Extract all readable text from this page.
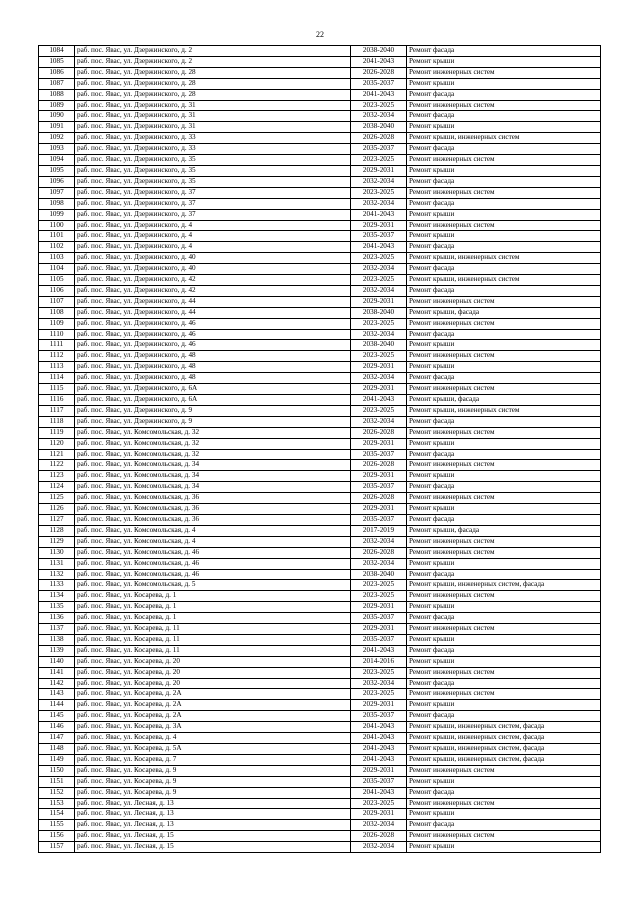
22
1084	раб. пос. Явас, ул. Дзержинского, д. 2	2038-2040	Ремонт фасада
1085	раб. пос. Явас, ул. Дзержинского, д. 2	2041-2043	Ремонт крыши
1086	раб. пос. Явас, ул. Дзержинского, д. 28	2026-2028	Ремонт инженерных систем
1087	раб. пос. Явас, ул. Дзержинского, д. 28	2035-2037	Ремонт крыши
1088	раб. пос. Явас, ул. Дзержинского, д. 28	2041-2043	Ремонт фасада
1089	раб. пос. Явас, ул. Дзержинского, д. 31	2023-2025	Ремонт инженерных систем
1090	раб. пос. Явас, ул. Дзержинского, д. 31	2032-2034	Ремонт фасада
1091	раб. пос. Явас, ул. Дзержинского, д. 31	2038-2040	Ремонт крыши
1092	раб. пос. Явас, ул. Дзержинского, д. 33	2026-2028	Ремонт крыши, инженерных систем
1093	раб. пос. Явас, ул. Дзержинского, д. 33	2035-2037	Ремонт фасада
1094	раб. пос. Явас, ул. Дзержинского, д. 35	2023-2025	Ремонт инженерных систем
1095	раб. пос. Явас, ул. Дзержинского, д. 35	2029-2031	Ремонт крыши
1096	раб. пос. Явас, ул. Дзержинского, д. 35	2032-2034	Ремонт фасада
1097	раб. пос. Явас, ул. Дзержинского, д. 37	2023-2025	Ремонт инженерных систем
1098	раб. пос. Явас, ул. Дзержинского, д. 37	2032-2034	Ремонт фасада
1099	раб. пос. Явас, ул. Дзержинского, д. 37	2041-2043	Ремонт крыши
1100	раб. пос. Явас, ул. Дзержинского, д. 4	2029-2031	Ремонт инженерных систем
1101	раб. пос. Явас, ул. Дзержинского, д. 4	2035-2037	Ремонт крыши
1102	раб. пос. Явас, ул. Дзержинского, д. 4	2041-2043	Ремонт фасада
1103	раб. пос. Явас, ул. Дзержинского, д. 40	2023-2025	Ремонт крыши, инженерных систем
1104	раб. пос. Явас, ул. Дзержинского, д. 40	2032-2034	Ремонт фасада
1105	раб. пос. Явас, ул. Дзержинского, д. 42	2023-2025	Ремонт крыши, инженерных систем
1106	раб. пос. Явас, ул. Дзержинского, д. 42	2032-2034	Ремонт фасада
1107	раб. пос. Явас, ул. Дзержинского, д. 44	2029-2031	Ремонт инженерных систем
1108	раб. пос. Явас, ул. Дзержинского, д. 44	2038-2040	Ремонт крыши, фасада
1109	раб. пос. Явас, ул. Дзержинского, д. 46	2023-2025	Ремонт инженерных систем
1110	раб. пос. Явас, ул. Дзержинского, д. 46	2032-2034	Ремонт фасада
1111	раб. пос. Явас, ул. Дзержинского, д. 46	2038-2040	Ремонт крыши
1112	раб. пос. Явас, ул. Дзержинского, д. 48	2023-2025	Ремонт инженерных систем
1113	раб. пос. Явас, ул. Дзержинского, д. 48	2029-2031	Ремонт крыши
1114	раб. пос. Явас, ул. Дзержинского, д. 48	2032-2034	Ремонт фасада
1115	раб. пос. Явас, ул. Дзержинского, д. 6А	2029-2031	Ремонт инженерных систем
1116	раб. пос. Явас, ул. Дзержинского, д. 6А	2041-2043	Ремонт крыши, фасада
1117	раб. пос. Явас, ул. Дзержинского, д. 9	2023-2025	Ремонт крыши, инженерных систем
1118	раб. пос. Явас, ул. Дзержинского, д. 9	2032-2034	Ремонт фасада
1119	раб. пос. Явас, ул. Комсомольская, д. 32	2026-2028	Ремонт инженерных систем
1120	раб. пос. Явас, ул. Комсомольская, д. 32	2029-2031	Ремонт крыши
1121	раб. пос. Явас, ул. Комсомольская, д. 32	2035-2037	Ремонт фасада
1122	раб. пос. Явас, ул. Комсомольская, д. 34	2026-2028	Ремонт инженерных систем
1123	раб. пос. Явас, ул. Комсомольская, д. 34	2029-2031	Ремонт крыши
1124	раб. пос. Явас, ул. Комсомольская, д. 34	2035-2037	Ремонт фасада
1125	раб. пос. Явас, ул. Комсомольская, д. 36	2026-2028	Ремонт инженерных систем
1126	раб. пос. Явас, ул. Комсомольская, д. 36	2029-2031	Ремонт крыши
1127	раб. пос. Явас, ул. Комсомольская, д. 36	2035-2037	Ремонт фасада
1128	раб. пос. Явас, ул. Комсомольская, д. 4	2017-2019	Ремонт крыши, фасада
1129	раб. пос. Явас, ул. Комсомольская, д. 4	2032-2034	Ремонт инженерных систем
1130	раб. пос. Явас, ул. Комсомольская, д. 46	2026-2028	Ремонт инженерных систем
1131	раб. пос. Явас, ул. Комсомольская, д. 46	2032-2034	Ремонт крыши
1132	раб. пос. Явас, ул. Комсомольская, д. 46	2038-2040	Ремонт фасада
1133	раб. пос. Явас, ул. Комсомольская, д. 5	2023-2025	Ремонт крыши, инженерных систем, фасада
1134	раб. пос. Явас, ул. Косарева, д. 1	2023-2025	Ремонт инженерных систем
1135	раб. пос. Явас, ул. Косарева, д. 1	2029-2031	Ремонт крыши
1136	раб. пос. Явас, ул. Косарева, д. 1	2035-2037	Ремонт фасада
1137	раб. пос. Явас, ул. Косарева, д. 11	2029-2031	Ремонт инженерных систем
1138	раб. пос. Явас, ул. Косарева, д. 11	2035-2037	Ремонт крыши
1139	раб. пос. Явас, ул. Косарева, д. 11	2041-2043	Ремонт фасада
1140	раб. пос. Явас, ул. Косарева, д. 20	2014-2016	Ремонт крыши
1141	раб. пос. Явас, ул. Косарева, д. 20	2023-2025	Ремонт инженерных систем
1142	раб. пос. Явас, ул. Косарева, д. 20	2032-2034	Ремонт фасада
1143	раб. пос. Явас, ул. Косарева, д. 2А	2023-2025	Ремонт инженерных систем
1144	раб. пос. Явас, ул. Косарева, д. 2А	2029-2031	Ремонт крыши
1145	раб. пос. Явас, ул. Косарева, д. 2А	2035-2037	Ремонт фасада
1146	раб. пос. Явас, ул. Косарева, д. 3А	2041-2043	Ремонт крыши, инженерных систем, фасада
1147	раб. пос. Явас, ул. Косарева, д. 4	2041-2043	Ремонт крыши, инженерных систем, фасада
1148	раб. пос. Явас, ул. Косарева, д. 5А	2041-2043	Ремонт крыши, инженерных систем, фасада
1149	раб. пос. Явас, ул. Косарева, д. 7	2041-2043	Ремонт крыши, инженерных систем, фасада
1150	раб. пос. Явас, ул. Косарева, д. 9	2029-2031	Ремонт инженерных систем
1151	раб. пос. Явас, ул. Косарева, д. 9	2035-2037	Ремонт крыши
1152	раб. пос. Явас, ул. Косарева, д. 9	2041-2043	Ремонт фасада
1153	раб. пос. Явас, ул. Лесная, д. 13	2023-2025	Ремонт инженерных систем
1154	раб. пос. Явас, ул. Лесная, д. 13	2029-2031	Ремонт крыши
1155	раб. пос. Явас, ул. Лесная, д. 13	2032-2034	Ремонт фасада
1156	раб. пос. Явас, ул. Лесная, д. 15	2026-2028	Ремонт инженерных систем
1157	раб. пос. Явас, ул. Лесная, д. 15	2032-2034	Ремонт крыши
